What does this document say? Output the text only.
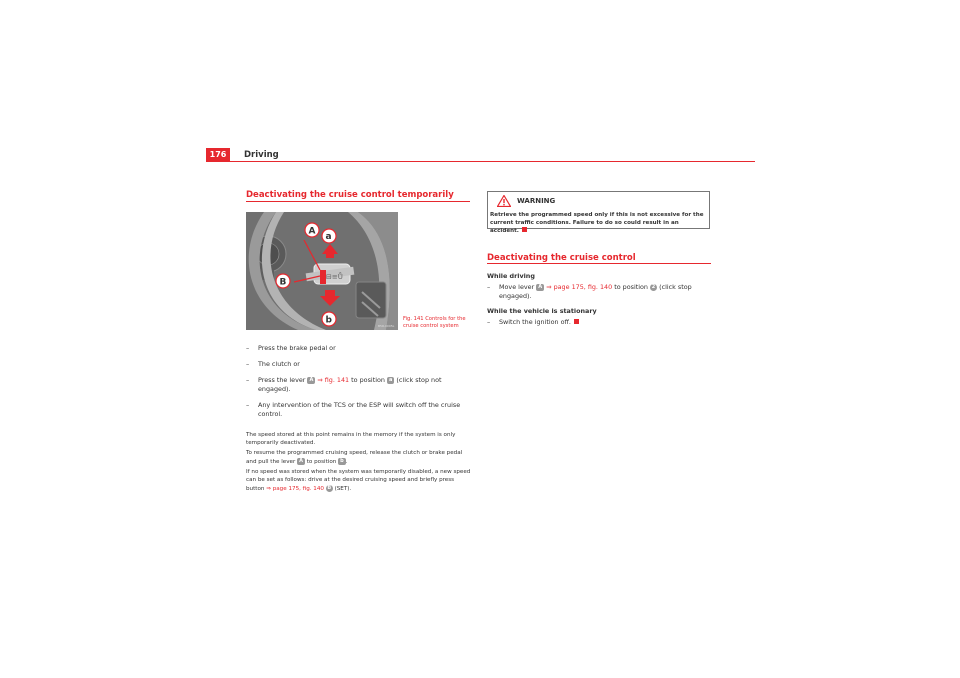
176	Driving
Deactivating the cruise control temporarily
⊟≡Ů
A
a
B
b
B5R-0005L
Fig. 141 Controls for the cruise control system
– Press the brake pedal or
– The clutch or
– Press the lever A ⇒ fig. 141 to position a (click stop not engaged).
– Any intervention of the TCS or the ESP will switch off the cruise control.
The speed stored at this point remains in the memory if the system is only temporarily deactivated.
To resume the programmed cruising speed, release the clutch or brake pedal and pull the lever A to position b .
If no speed was stored when the system was temporarily disabled, a new speed can be set as follows: drive at the desired cruising speed and briefly press button ⇒ page 175, fig. 140 B (SET).
WARNING
Retrieve the programmed speed only if this is not excessive for the current traffic conditions. Failure to do so could result in an accident.
Deactivating the cruise control
While driving
– Move lever A ⇒ page 175, fig. 140 to position 2 (click stop engaged).
While the vehicle is stationary
– Switch the ignition off.
